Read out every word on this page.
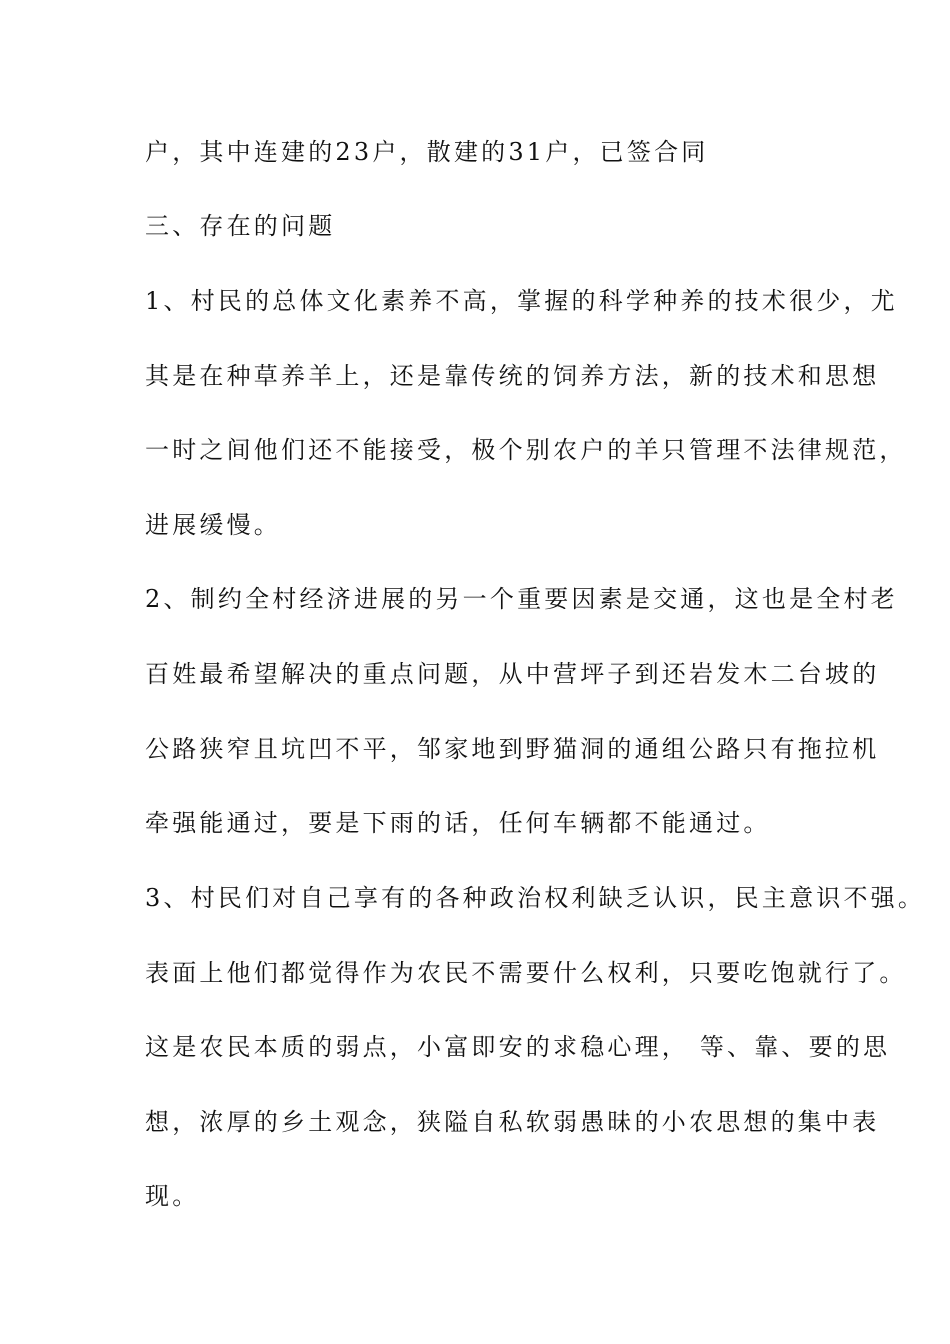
户，其中连建的23户，散建的31户，已签合同
三、存在的问题
1、村民的总体文化素养不高，掌握的科学种养的技术很少，尤
其是在种草养羊上，还是靠传统的饲养方法，新的技术和思想
一时之间他们还不能接受，极个别农户的羊只管理不法律规范，
进展缓慢。
2、制约全村经济进展的另一个重要因素是交通，这也是全村老
百姓最希望解决的重点问题，从中营坪子到还岩发木二台坡的
公路狭窄且坑凹不平，邹家地到野猫洞的通组公路只有拖拉机
牵强能通过，要是下雨的话，任何车辆都不能通过。
3、村民们对自己享有的各种政治权利缺乏认识，民主意识不强。
表面上他们都觉得作为农民不需要什么权利，只要吃饱就行了。
这是农民本质的弱点，小富即安的求稳心理， 等、靠、要的思
想，浓厚的乡土观念，狭隘自私软弱愚昧的小农思想的集中表
现。
